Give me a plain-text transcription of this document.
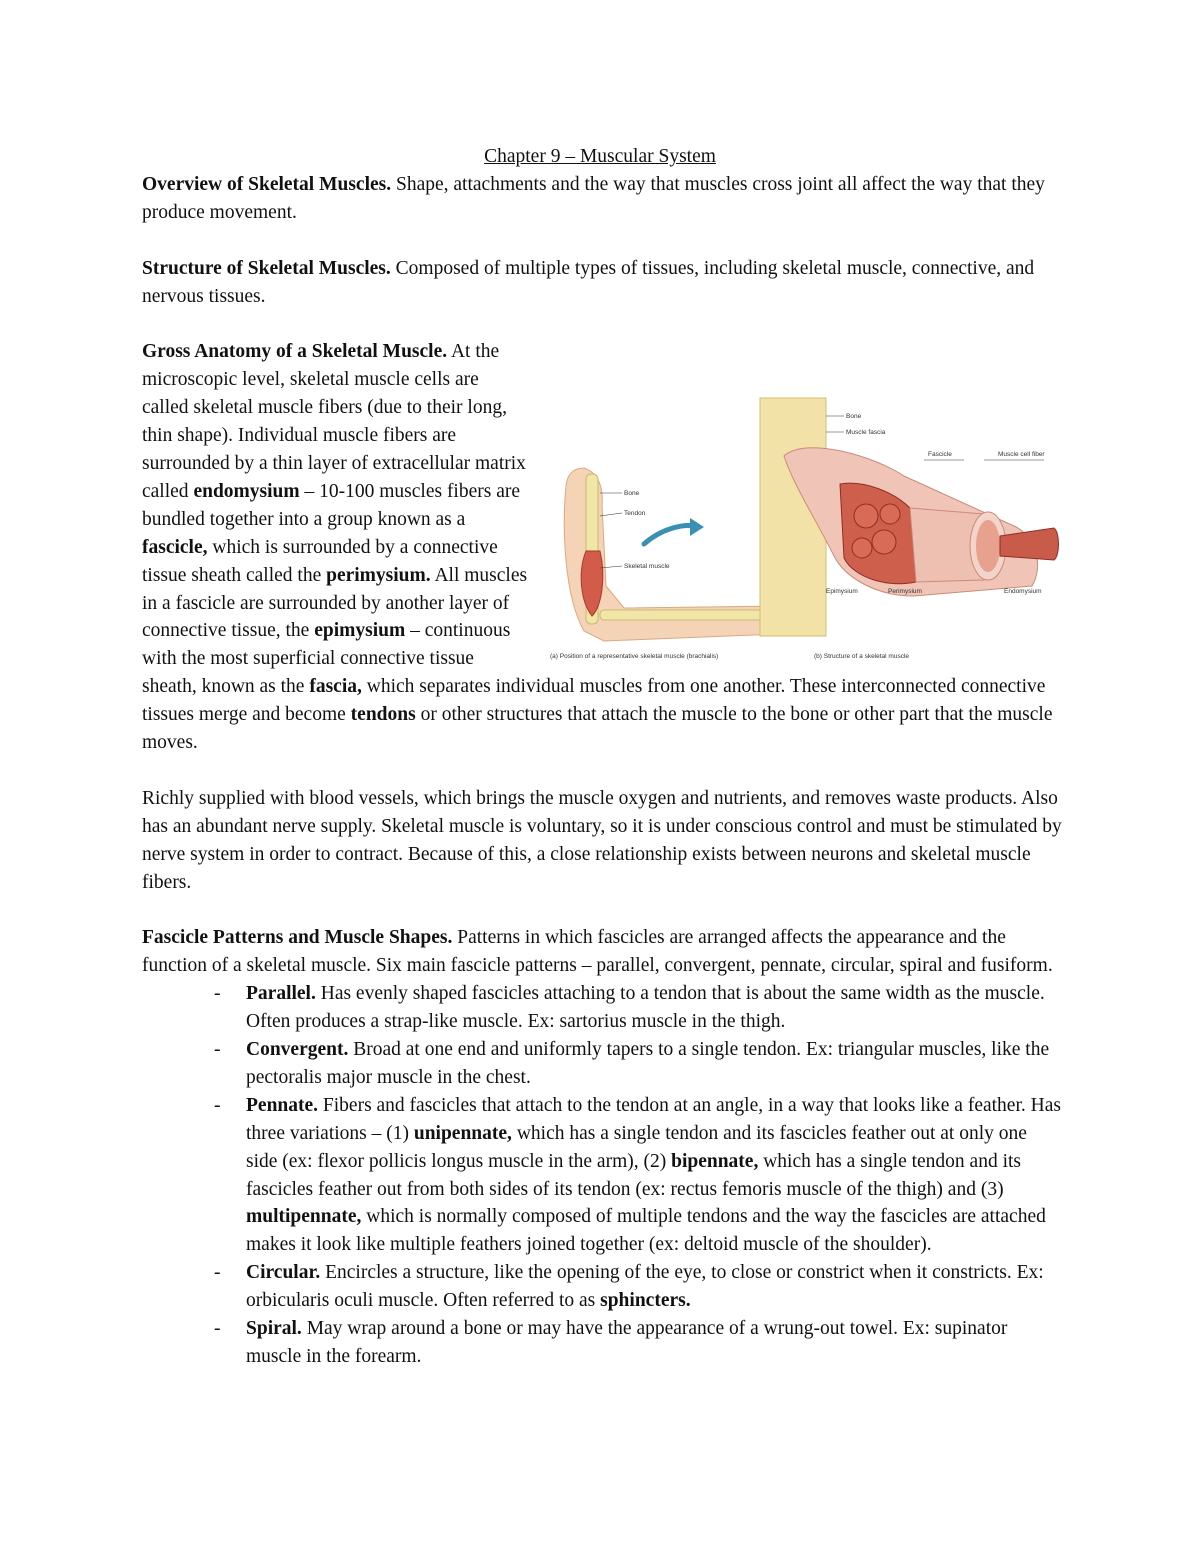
Chapter 9 – Muscular System

Overview of Skeletal Muscles. Shape, attachments and the way that muscles cross joint all affect the way that they produce movement.

Structure of Skeletal Muscles. Composed of multiple types of tissues, including skeletal muscle, connective, and nervous tissues.

Bone
Tendon
Skeletal muscle
(a) Position of a representative skeletal muscle (brachialis)
Bone
Muscle fascia
Fascicle	Muscle cell fiber
Epimysium	Perimysium	Endomysium
(b) Structure of a skeletal muscle

Gross Anatomy of a Skeletal Muscle. At the microscopic level, skeletal muscle cells are called skeletal muscle fibers (due to their long, thin shape). Individual muscle fibers are surrounded by a thin layer of extracellular matrix called endomysium – 10-100 muscles fibers are bundled together into a group known as a fascicle, which is surrounded by a connective tissue sheath called the perimysium. All muscles in a fascicle are surrounded by another layer of connective tissue, the epimysium – continuous with the most superficial connective tissue sheath, known as the fascia, which separates individual muscles from one another. These interconnected connective tissues merge and become tendons or other structures that attach the muscle to the bone or other part that the muscle moves.

Richly supplied with blood vessels, which brings the muscle oxygen and nutrients, and removes waste products. Also has an abundant nerve supply. Skeletal muscle is voluntary, so it is under conscious control and must be stimulated by nerve system in order to contract. Because of this, a close relationship exists between neurons and skeletal muscle fibers.

Fascicle Patterns and Muscle Shapes. Patterns in which fascicles are arranged affects the appearance and the function of a skeletal muscle. Six main fascicle patterns – parallel, convergent, pennate, circular, spiral and fusiform.

- Parallel. Has evenly shaped fascicles attaching to a tendon that is about the same width as the muscle. Often produces a strap-like muscle. Ex: sartorius muscle in the thigh.
- Convergent. Broad at one end and uniformly tapers to a single tendon. Ex: triangular muscles, like the pectoralis major muscle in the chest.
- Pennate. Fibers and fascicles that attach to the tendon at an angle, in a way that looks like a feather. Has three variations – (1) unipennate, which has a single tendon and its fascicles feather out at only one side (ex: flexor pollicis longus muscle in the arm), (2) bipennate, which has a single tendon and its fascicles feather out from both sides of its tendon (ex: rectus femoris muscle of the thigh) and (3) multipennate, which is normally composed of multiple tendons and the way the fascicles are attached makes it look like multiple feathers joined together (ex: deltoid muscle of the shoulder).
- Circular. Encircles a structure, like the opening of the eye, to close or constrict when it constricts. Ex: orbicularis oculi muscle. Often referred to as sphincters.
- Spiral. May wrap around a bone or may have the appearance of a wrung-out towel. Ex: supinator muscle in the forearm.
